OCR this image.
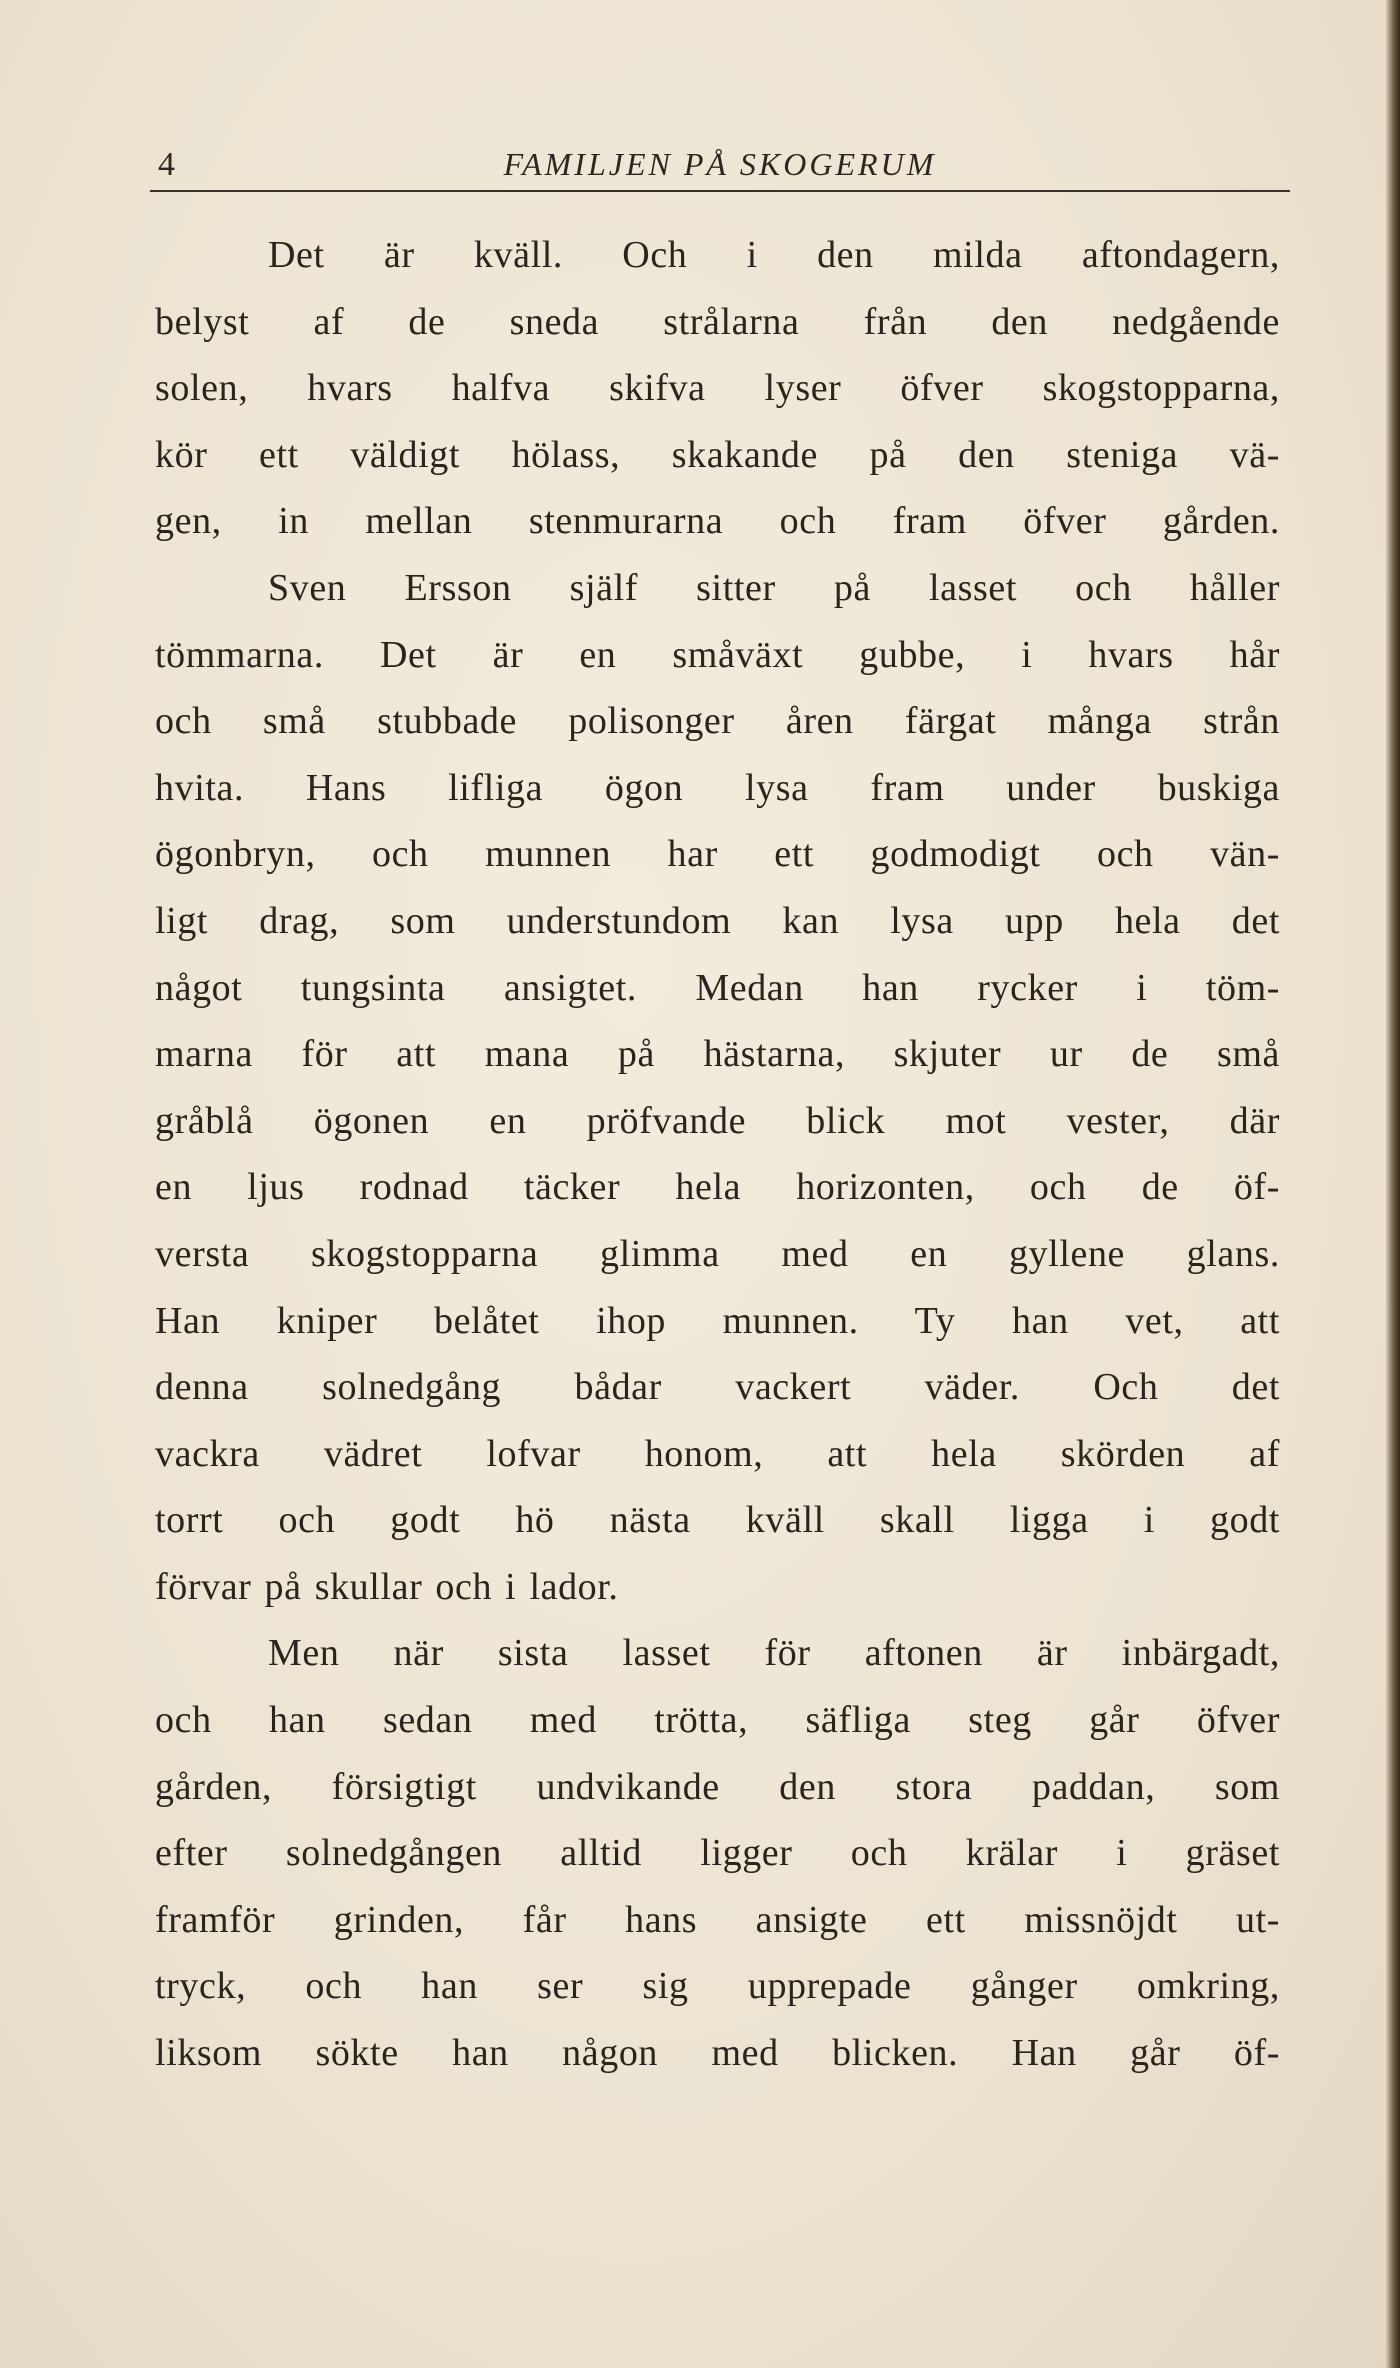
4	FAMILJEN PÅ SKOGERUM
Det är kväll. Och i den milda aftondagern,
belyst af de sneda strålarna från den nedgående
solen, hvars halfva skifva lyser öfver skogstopparna,
kör ett väldigt hölass, skakande på den steniga vä-
gen, in mellan stenmurarna och fram öfver gården.
Sven Ersson själf sitter på lasset och håller
tömmarna. Det är en småväxt gubbe, i hvars hår
och små stubbade polisonger åren färgat många strån
hvita. Hans lifliga ögon lysa fram under buskiga
ögonbryn, och munnen har ett godmodigt och vän-
ligt drag, som understundom kan lysa upp hela det
något tungsinta ansigtet. Medan han rycker i töm-
marna för att mana på hästarna, skjuter ur de små
gråblå ögonen en pröfvande blick mot vester, där
en ljus rodnad täcker hela horizonten, och de öf-
versta skogstopparna glimma med en gyllene glans.
Han kniper belåtet ihop munnen. Ty han vet, att
denna solnedgång bådar vackert väder. Och det
vackra vädret lofvar honom, att hela skörden af
torrt och godt hö nästa kväll skall ligga i godt
förvar på skullar och i lador.
Men när sista lasset för aftonen är inbärgadt,
och han sedan med trötta, säfliga steg går öfver
gården, försigtigt undvikande den stora paddan, som
efter solnedgången alltid ligger och krälar i gräset
framför grinden, får hans ansigte ett missnöjdt ut-
tryck, och han ser sig upprepade gånger omkring,
liksom sökte han någon med blicken. Han går öf-
